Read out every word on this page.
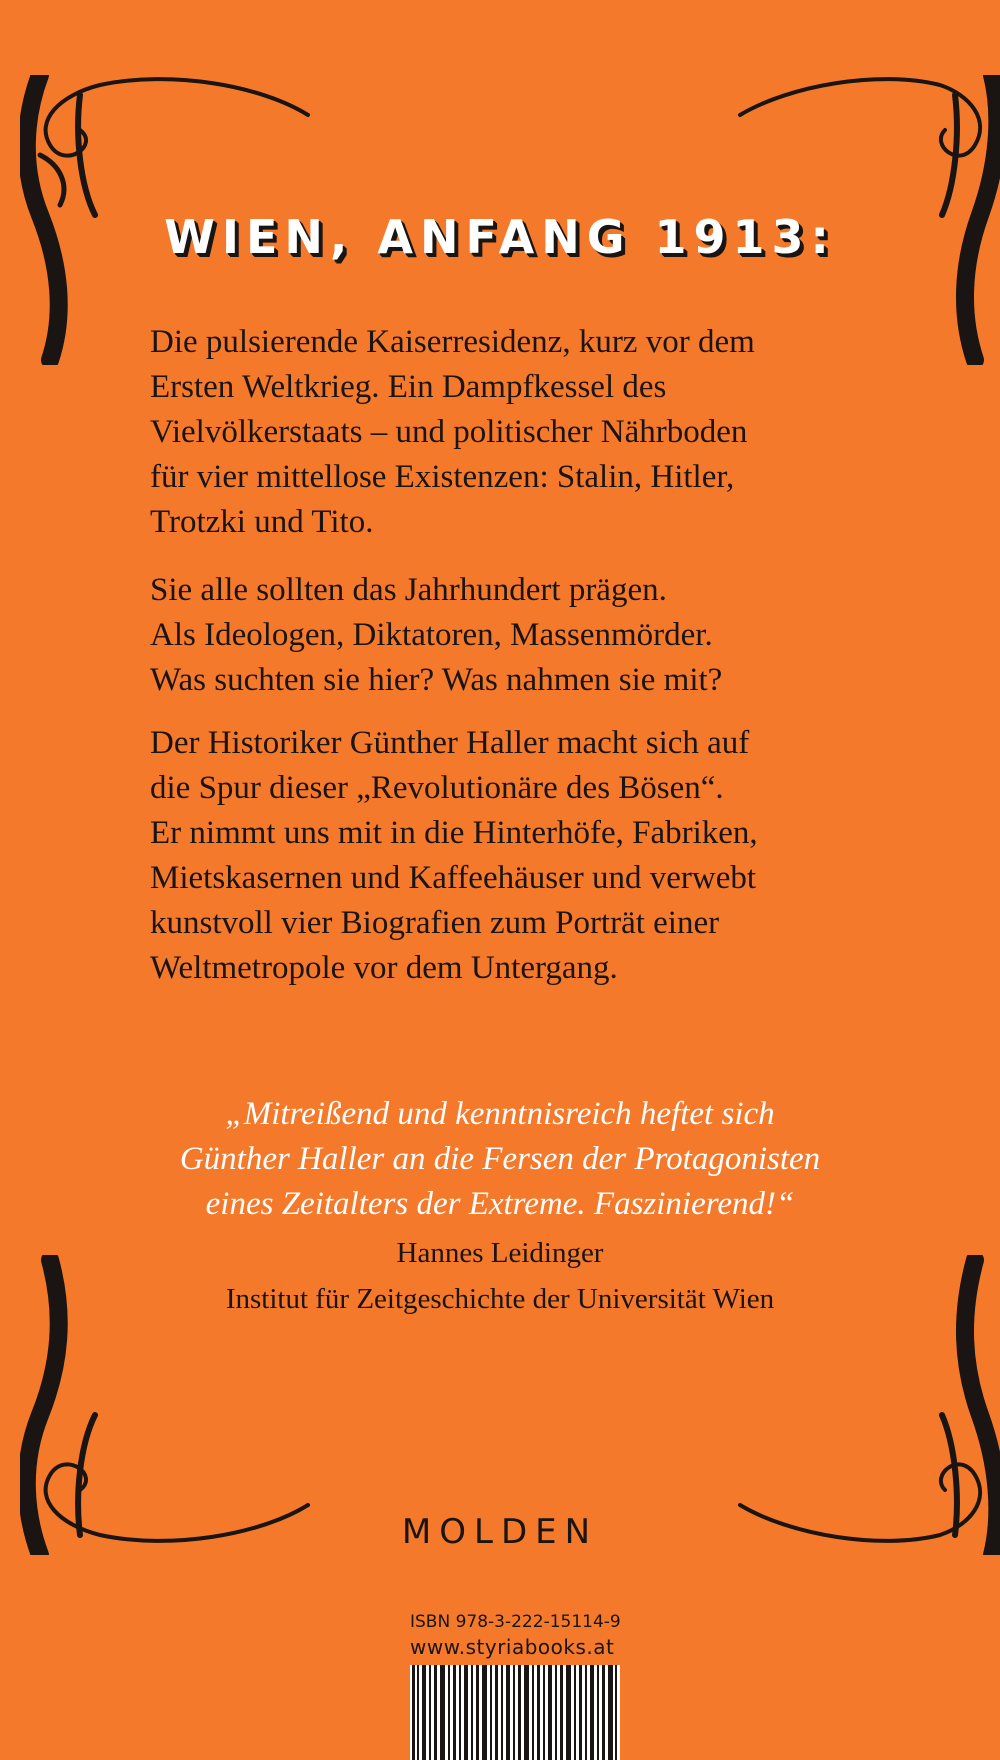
WIEN, ANFANG 1913:

Die pulsierende Kaiserresidenz, kurz vor dem
Ersten Weltkrieg. Ein Dampfkessel des
Vielvölkerstaats – und politischer Nährboden
für vier mittellose Existenzen: Stalin, Hitler,
Trotzki und Tito.

Sie alle sollten das Jahrhundert prägen.
Als Ideologen, Diktatoren, Massenmörder.
Was suchten sie hier? Was nahmen sie mit?

Der Historiker Günther Haller macht sich auf
die Spur dieser „Revolutionäre des Bösen“.
Er nimmt uns mit in die Hinterhöfe, Fabriken,
Mietskasernen und Kaffeehäuser und verwebt
kunstvoll vier Biografien zum Porträt einer
Weltmetropole vor dem Untergang.

„Mitreißend und kenntnisreich heftet sich
Günther Haller an die Fersen der Protagonisten
eines Zeitalters der Extreme. Faszinierend!“
Hannes Leidinger
Institut für Zeitgeschichte der Universität Wien
MOLDEN
ISBN 978-3-222-15114-9
www.styriabooks.at
